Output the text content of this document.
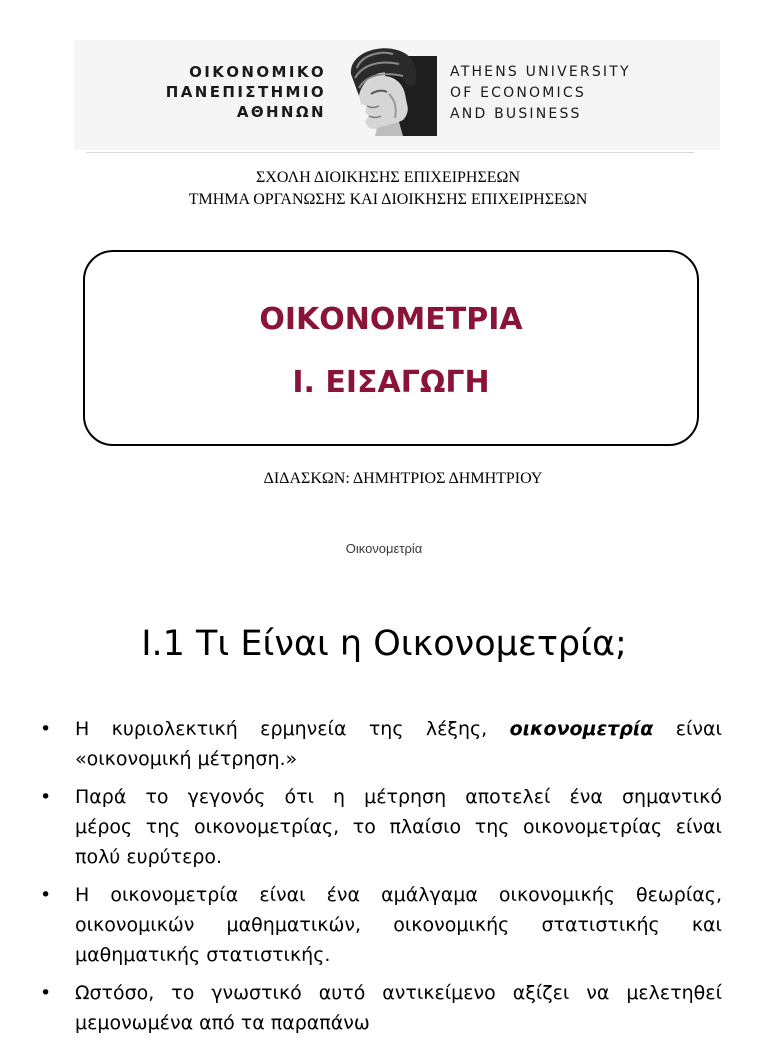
ΟΙΚΟΝΟΜΙΚΟ
ΠΑΝΕΠΙΣΤΗΜΙΟ
ΑΘΗΝΩΝ
ATHENS UNIVERSITY
OF ECONOMICS
AND BUSINESS
ΣΧΟΛΗ ΔΙΟΙΚΗΣΗΣ ΕΠΙΧΕΙΡΗΣΕΩΝ
ΤΜΗΜΑ ΟΡΓΑΝΩΣΗΣ ΚΑΙ ΔΙΟΙΚΗΣΗΣ ΕΠΙΧΕΙΡΗΣΕΩΝ
ΟΙΚΟΝΟΜΕΤΡΙΑ
Ι. ΕΙΣΑΓΩΓΗ
ΔΙΔΑΣΚΩΝ: ΔΗΜΗΤΡΙΟΣ ΔΗΜΗΤΡΙΟΥ
Οικονομετρία
Ι.1 Τι Είναι η Οικονομετρία;
• Η κυριολεκτική ερμηνεία της λέξης, οικονομετρία είναι
«οικονομική μέτρηση.»
• Παρά το γεγονός ότι η μέτρηση αποτελεί ένα σημαντικό
μέρος της οικονομετρίας, το πλαίσιο της οικονομετρίας είναι
πολύ ευρύτερο.
• Η οικονομετρία είναι ένα αμάλγαμα οικονομικής θεωρίας,
οικονομικών μαθηματικών, οικονομικής στατιστικής και
μαθηματικής στατιστικής.
• Ωστόσο, το γνωστικό αυτό αντικείμενο αξίζει να μελετηθεί
μεμονωμένα από τα παραπάνω
